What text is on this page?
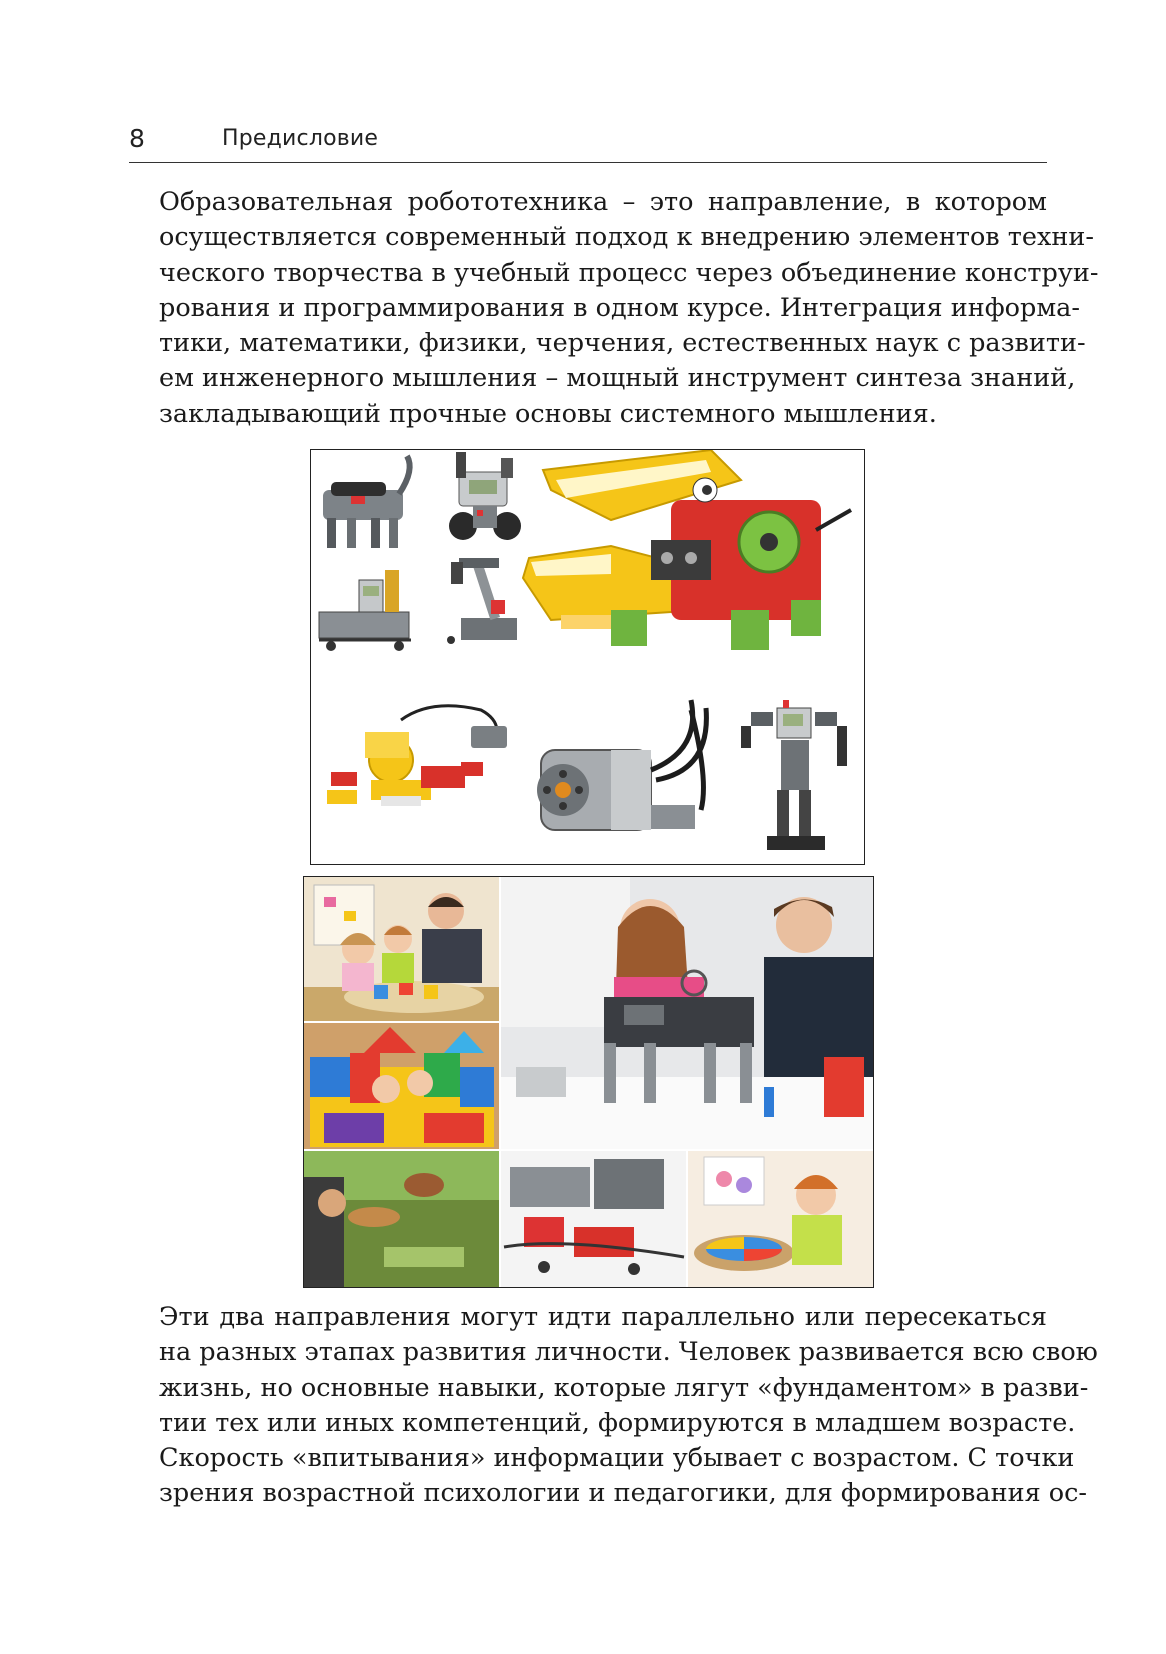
8	Предисловие

Образовательная робототехника – это направление, в котором
осуществляется современный подход к внедрению элементов техни-
ческого творчества в учебный процесс через объединение конструи-
рования и программирования в одном курсе. Интеграция информа-
тики, математики, физики, черчения, естественных наук с развити-
ем инженерного мышления – мощный инструмент синтеза знаний,
закладывающий прочные основы системного мышления.

Эти два направления могут идти параллельно или пересекаться
на разных этапах развития личности. Человек развивается всю свою
жизнь, но основные навыки, которые лягут «фундаментом» в разви-
тии тех или иных компетенций, формируются в младшем возрасте.
Скорость «впитывания» информации убывает с возрастом. С точки
зрения возрастной психологии и педагогики, для формирования ос-
